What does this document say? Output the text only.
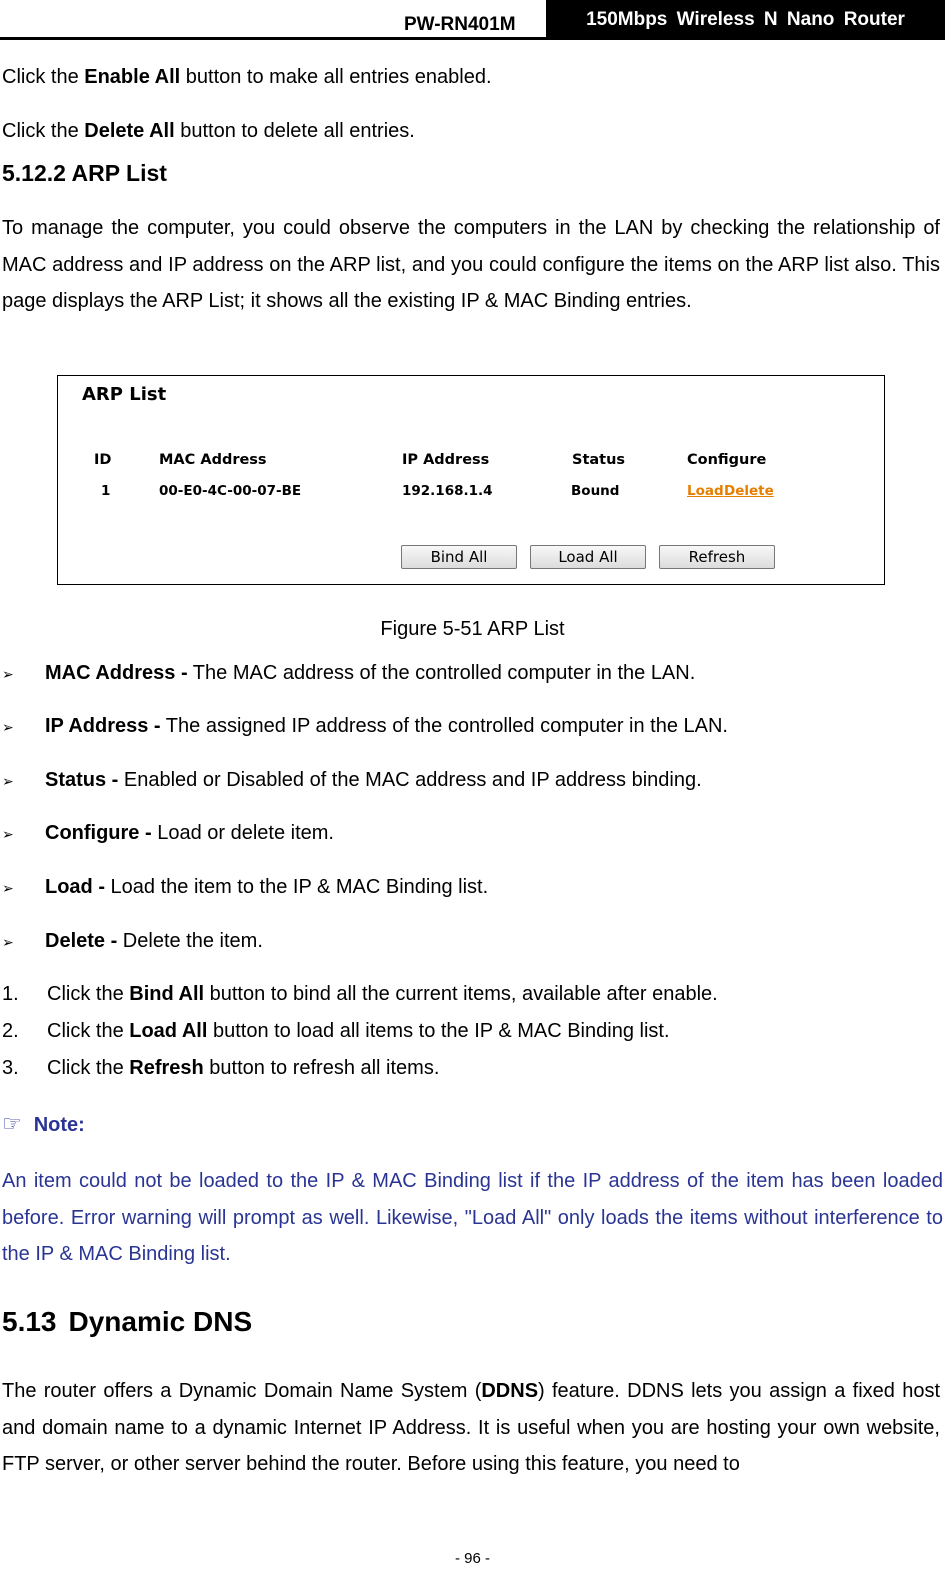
PW-RN401M	150Mbps Wireless N Nano Router
Click the Enable All button to make all entries enabled.
Click the Delete All button to delete all entries.
5.12.2 ARP List
To manage the computer, you could observe the computers in the LAN by checking the relationship of MAC address and IP address on the ARP list, and you could configure the items on the ARP list also. This page displays the ARP List; it shows all the existing IP & MAC Binding entries.
ARP List
ID	MAC Address	IP Address	Status	Configure
1	00-E0-4C-00-07-BE	192.168.1.4	Bound	Load Delete
Bind All	Load All	Refresh
Figure 5-51 ARP List
➢ MAC Address - The MAC address of the controlled computer in the LAN.
➢ IP Address - The assigned IP address of the controlled computer in the LAN.
➢ Status - Enabled or Disabled of the MAC address and IP address binding.
➢ Configure - Load or delete item.
➢ Load - Load the item to the IP & MAC Binding list.
➢ Delete - Delete the item.
1. Click the Bind All button to bind all the current items, available after enable.
2. Click the Load All button to load all items to the IP & MAC Binding list.
3. Click the Refresh button to refresh all items.
☞ Note:
An item could not be loaded to the IP & MAC Binding list if the IP address of the item has been loaded before. Error warning will prompt as well. Likewise, "Load All" only loads the items without interference to the IP & MAC Binding list.
5.13 Dynamic DNS
The router offers a Dynamic Domain Name System (DDNS) feature. DDNS lets you assign a fixed host and domain name to a dynamic Internet IP Address. It is useful when you are hosting your own website, FTP server, or other server behind the router. Before using this feature, you need to
- 96 -
